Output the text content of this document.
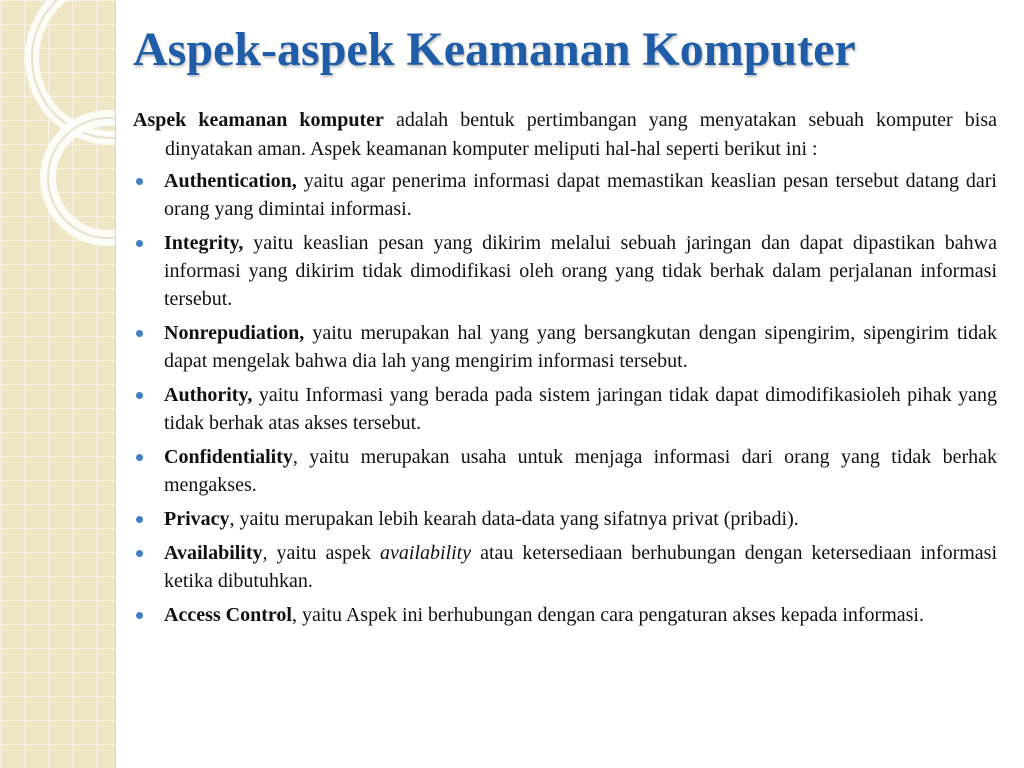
Aspek-aspek Keamanan Komputer

Aspek keamanan komputer adalah bentuk pertimbangan yang menyatakan sebuah komputer bisa dinyatakan aman. Aspek keamanan komputer meliputi hal-hal seperti berikut ini :

Authentication, yaitu agar penerima informasi dapat memastikan keaslian pesan tersebut datang dari orang yang dimintai informasi.
Integrity, yaitu keaslian pesan yang dikirim melalui sebuah jaringan dan dapat dipastikan bahwa informasi yang dikirim tidak dimodifikasi oleh orang yang tidak berhak dalam perjalanan informasi tersebut.
Nonrepudiation, yaitu merupakan hal yang yang bersangkutan dengan sipengirim, sipengirim tidak dapat mengelak bahwa dia lah yang mengirim informasi tersebut.
Authority, yaitu Informasi yang berada pada sistem jaringan tidak dapat dimodifikasioleh pihak yang tidak berhak atas akses tersebut.
Confidentiality, yaitu merupakan usaha untuk menjaga informasi dari orang yang tidak berhak mengakses.
Privacy, yaitu merupakan lebih kearah data-data yang sifatnya privat (pribadi).
Availability, yaitu aspek availability atau ketersediaan berhubungan dengan ketersediaan informasi ketika dibutuhkan.
Access Control, yaitu Aspek ini berhubungan dengan cara pengaturan akses kepada informasi.
